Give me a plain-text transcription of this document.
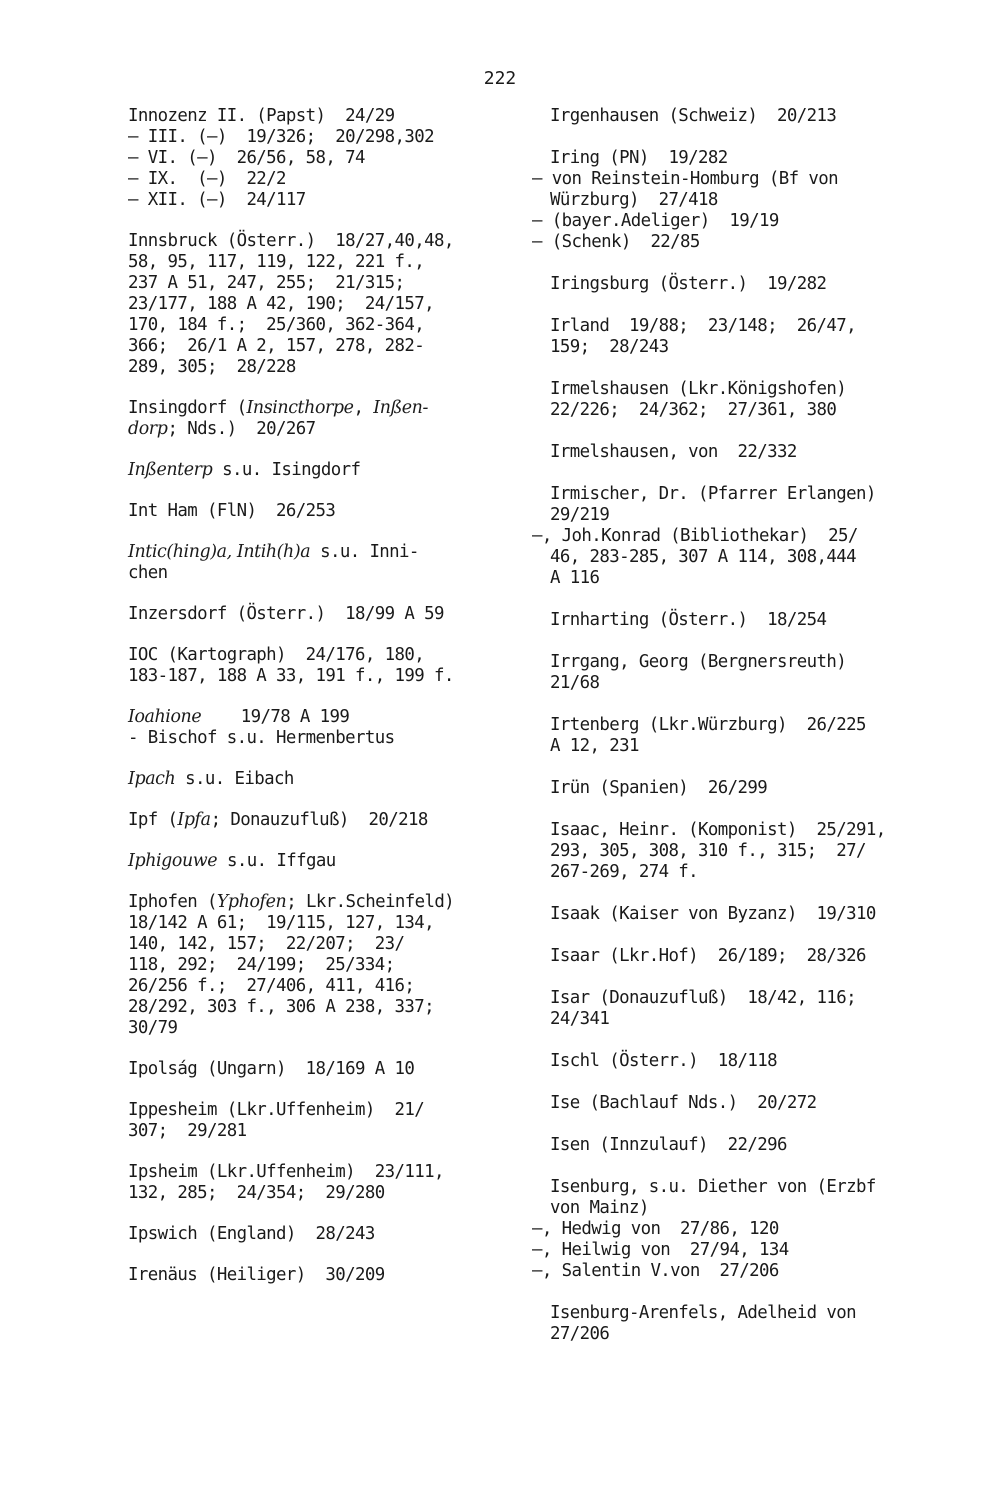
222
Innozenz II. (Papst)  24/29
— III. (—)  19/326;  20/298,302
— VI. (—)  26/56, 58, 74
— IX.  (—)  22/2
— XII. (—)  24/117
Innsbruck (Österr.)  18/27,40,48,
58, 95, 117, 119, 122, 221 f.,
237 A 51, 247, 255;  21/315;
23/177, 188 A 42, 190;  24/157,
170, 184 f.;  25/360, 362-364,
366;  26/1 A 2, 157, 278, 282-
289, 305;  28/228
Insingdorf (Insincthorpe, Inßen-
dorp; Nds.)  20/267
Inßenterp s.u. Isingdorf
Int Ham (FlN)  26/253
Intic(hing)a, Intih(h)a s.u. Inni-
chen
Inzersdorf (Österr.)  18/99 A 59
IOC (Kartograph)  24/176, 180,
183-187, 188 A 33, 191 f., 199 f.
Ioahione    19/78 A 199
- Bischof s.u. Hermenbertus
Ipach s.u. Eibach
Ipf (Ipfa; Donauzufluß)  20/218
Iphigouwe s.u. Iffgau
Iphofen (Yphofen; Lkr.Scheinfeld)
18/142 A 61;  19/115, 127, 134,
140, 142, 157;  22/207;  23/
118, 292;  24/199;  25/334;
26/256 f.;  27/406, 411, 416;
28/292, 303 f., 306 A 238, 337;
30/79
Ipolság (Ungarn)  18/169 A 10
Ippesheim (Lkr.Uffenheim)  21/
307;  29/281
Ipsheim (Lkr.Uffenheim)  23/111,
132, 285;  24/354;  29/280
Ipswich (England)  28/243
Irenäus (Heiliger)  30/209
Irgenhausen (Schweiz)  20/213
Iring (PN)  19/282
— von Reinstein-Homburg (Bf von
Würzburg)  27/418
— (bayer.Adeliger)  19/19
— (Schenk)  22/85
Iringsburg (Österr.)  19/282
Irland  19/88;  23/148;  26/47,
159;  28/243
Irmelshausen (Lkr.Königshofen)
22/226;  24/362;  27/361, 380
Irmelshausen, von  22/332
Irmischer, Dr. (Pfarrer Erlangen)
29/219
—, Joh.Konrad (Bibliothekar)  25/
46, 283-285, 307 A 114, 308,444
A 116
Irnharting (Österr.)  18/254
Irrgang, Georg (Bergnersreuth)
21/68
Irtenberg (Lkr.Würzburg)  26/225
A 12, 231
Irün (Spanien)  26/299
Isaac, Heinr. (Komponist)  25/291,
293, 305, 308, 310 f., 315;  27/
267-269, 274 f.
Isaak (Kaiser von Byzanz)  19/310
Isaar (Lkr.Hof)  26/189;  28/326
Isar (Donauzufluß)  18/42, 116;
24/341
Ischl (Österr.)  18/118
Ise (Bachlauf Nds.)  20/272
Isen (Innzulauf)  22/296
Isenburg, s.u. Diether von (Erzbf
von Mainz)
—, Hedwig von  27/86, 120
—, Heilwig von  27/94, 134
—, Salentin V.von  27/206
Isenburg-Arenfels, Adelheid von
27/206
